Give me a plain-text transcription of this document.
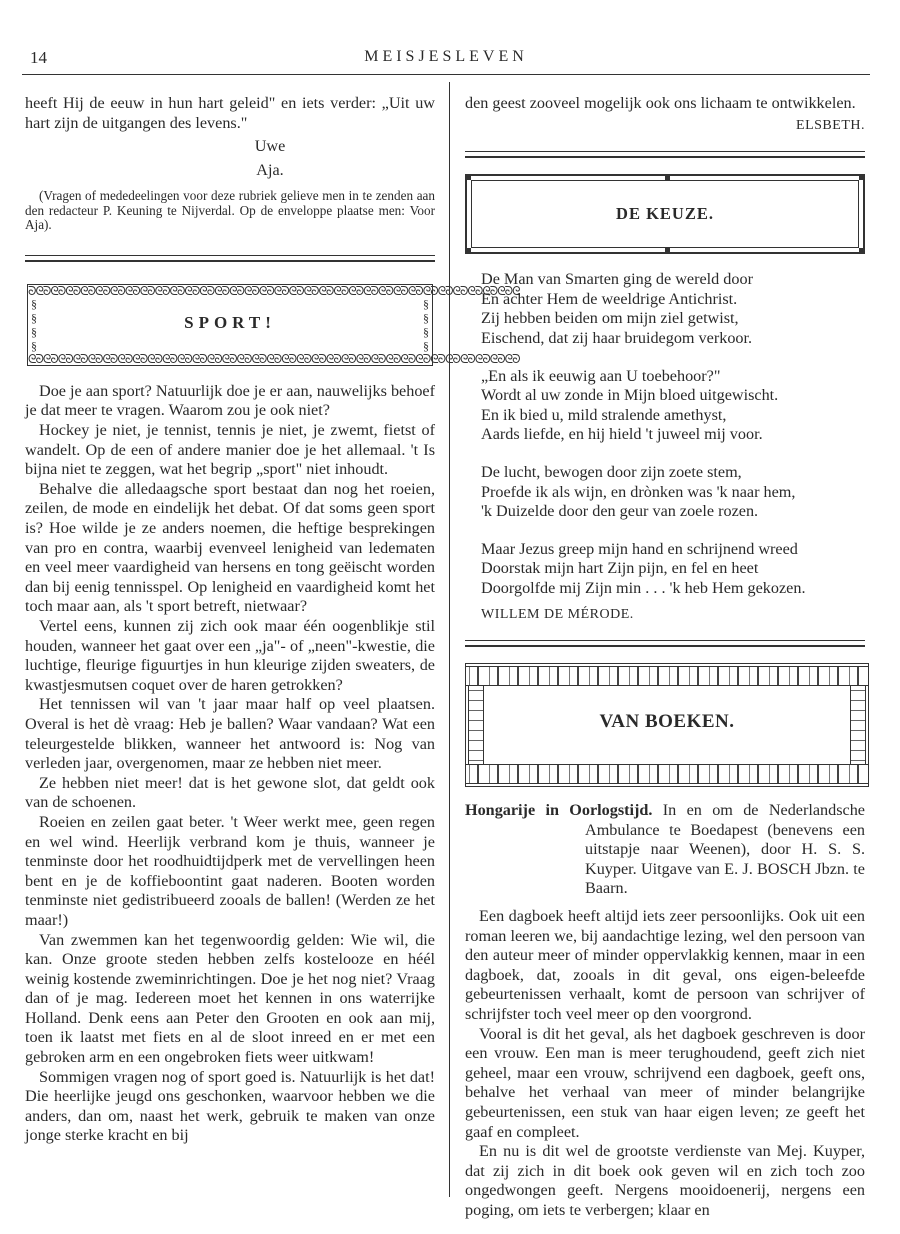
14	MEISJESLEVEN

heeft Hij de eeuw in hun hart geleid" en iets verder: „Uit uw hart zijn de uitgangen des levens."

Uwe

Aja.

(Vragen of mededeelingen voor deze rubriek gelieve men in te zenden aan den redacteur P. Keuning te Nijverdal. Op de enveloppe plaatse men: Voor Aja).

ᘐᘓᘐᘓᘐᘓᘐᘓᘐᘓᘐᘓᘐᘓᘐᘓᘐᘓᘐᘓᘐᘓᘐᘓᘐᘓᘐᘓᘐᘓᘐᘓᘐᘓᘐᘓᘐᘓᘐᘓᘐᘓᘐᘓᘐᘓᘐᘓᘐᘓᘐᘓᘐᘓᘐᘓᘐᘓᘐᘓᘐᘓᘐᘓᘐᘓ
§
§
§
§
§
§
§
§
ᘓᘐᘓᘐᘓᘐᘓᘐᘓᘐᘓᘐᘓᘐᘓᘐᘓᘐᘓᘐᘓᘐᘓᘐᘓᘐᘓᘐᘓᘐᘓᘐᘓᘐᘓᘐᘓᘐᘓᘐᘓᘐᘓᘐᘓᘐᘓᘐᘓᘐᘓᘐᘓᘐᘓᘐᘓᘐᘓᘐᘓᘐᘓᘐᘓᘐ
SPORT!

Doe je aan sport? Natuurlijk doe je er aan, nauwelijks behoef je dat meer te vragen. Waarom zou je ook niet?

Hockey je niet, je tennist, tennis je niet, je zwemt, fietst of wandelt. Op de een of andere manier doe je het allemaal. 't Is bijna niet te zeggen, wat het begrip „sport" niet inhoudt.

Behalve die alledaagsche sport bestaat dan nog het roeien, zeilen, de mode en eindelijk het debat. Of dat soms geen sport is? Hoe wilde je ze anders noemen, die heftige besprekingen van pro en contra, waarbij evenveel lenigheid van ledematen en veel meer vaardigheid van hersens en tong geëischt worden dan bij eenig tennisspel. Op lenigheid en vaardigheid komt het toch maar aan, als 't sport betreft, nietwaar?

Vertel eens, kunnen zij zich ook maar één oogenblikje stil houden, wanneer het gaat over een „ja"- of „neen"-kwestie, die luchtige, fleurige figuurtjes in hun kleurige zijden sweaters, de kwastjesmutsen coquet over de haren getrokken?

Het tennissen wil van 't jaar maar half op veel plaatsen. Overal is het dè vraag: Heb je ballen? Waar vandaan? Wat een teleurgestelde blikken, wanneer het antwoord is: Nog van verleden jaar, overgenomen, maar ze hebben niet meer.

Ze hebben niet meer! dat is het gewone slot, dat geldt ook van de schoenen.

Roeien en zeilen gaat beter. 't Weer werkt mee, geen regen en wel wind. Heerlijk verbrand kom je thuis, wanneer je tenminste door het roodhuidtijdperk met de vervellingen heen bent en je de koffieboontint gaat naderen. Booten worden tenminste niet gedistribueerd zooals de ballen! (Werden ze het maar!)

Van zwemmen kan het tegenwoordig gelden: Wie wil, die kan. Onze groote steden hebben zelfs kostelooze en héél weinig kostende zweminrichtingen. Doe je het nog niet? Vraag dan of je mag. Iedereen moet het kennen in ons waterrijke Holland. Denk eens aan Peter den Grooten en ook aan mij, toen ik laatst met fiets en al de sloot inreed en er met een gebroken arm en een ongebroken fiets weer uitkwam!

Sommigen vragen nog of sport goed is. Natuurlijk is het dat! Die heerlijke jeugd ons geschonken, waarvoor hebben we die anders, dan om, naast het werk, gebruik te maken van onze jonge sterke kracht en bij

den geest zooveel mogelijk ook ons lichaam te ontwikkelen.

ELSBETH.

DE KEUZE.

De Man van Smarten ging de wereld door

En achter Hem de weeldrige Antichrist.

Zij hebben beiden om mijn ziel getwist,

Eischend, dat zij haar bruidegom verkoor.

„En als ik eeuwig aan U toebehoor?"

Wordt al uw zonde in Mijn bloed uitgewischt.

En ik bied u, mild stralende amethyst,

Aards liefde, en hij hield 't juweel mij voor.

De lucht, bewogen door zijn zoete stem,

Proefde ik als wijn, en drònken was 'k naar hem,

'k Duizelde door den geur van zoele rozen.

Maar Jezus greep mijn hand en schrijnend wreed

Doorstak mijn hart Zijn pijn, en fel en heet

Doorgolfde mij Zijn min . . . 'k heb Hem gekozen.

WILLEM DE MÉRODE.

VAN BOEKEN.

Hongarije in Oorlogstijd. In en om de Nederlandsche Ambulance te Boedapest (benevens een uitstapje naar Weenen), door H. S. S. Kuyper. Uitgave van E. J. BOSCH Jbzn. te Baarn.

Een dagboek heeft altijd iets zeer persoonlijks. Ook uit een roman leeren we, bij aandachtige lezing, wel den persoon van den auteur meer of minder oppervlakkig kennen, maar in een dagboek, dat, zooals in dit geval, ons eigen-beleefde gebeurtenissen verhaalt, komt de persoon van schrijver of schrijfster toch veel meer op den voorgrond.

Vooral is dit het geval, als het dagboek geschreven is door een vrouw. Een man is meer terughoudend, geeft zich niet geheel, maar een vrouw, schrijvend een dagboek, geeft ons, behalve het verhaal van meer of minder belangrijke gebeurtenissen, een stuk van haar eigen leven; ze geeft het gaaf en compleet.

En nu is dit wel de grootste verdienste van Mej. Kuyper, dat zij zich in dit boek ook geven wil en zich toch zoo ongedwongen geeft. Nergens mooidoenerij, nergens een poging, om iets te verbergen; klaar en
